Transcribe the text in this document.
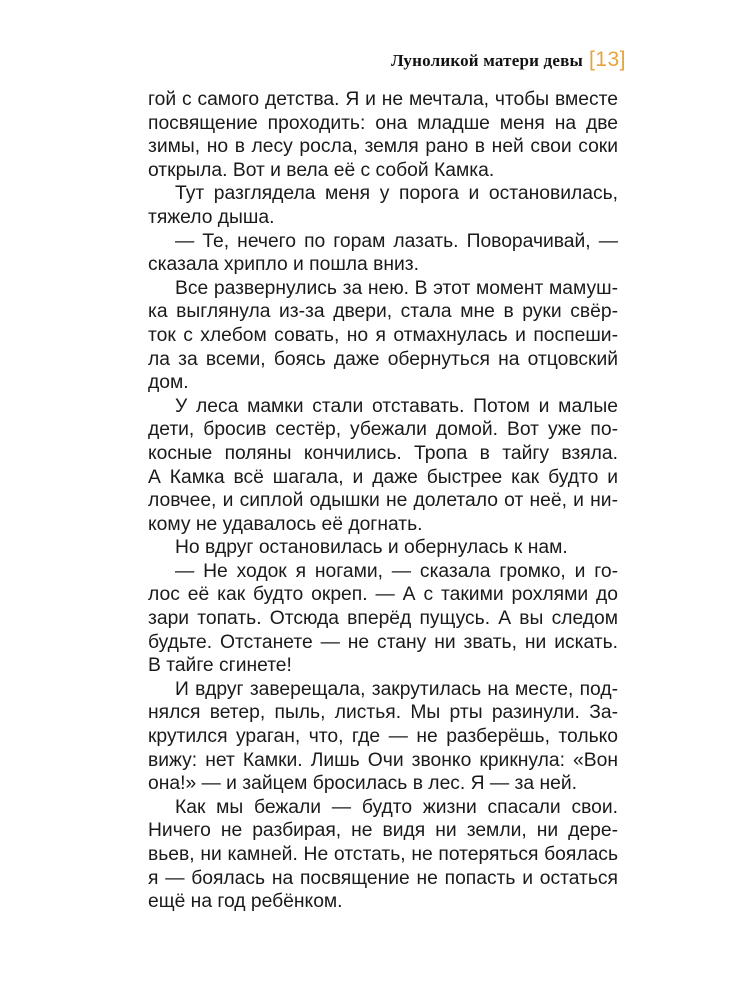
Луноликой матери девы [ 13 ]
гой с самого детства. Я и не мечтала, чтобы вместе
посвящение проходить: она младше меня на две
зимы, но в лесу росла, земля рано в ней свои соки
открыла. Вот и вела её с собой Камка.
Тут разглядела меня у порога и остановилась,
тяжело дыша.
— Те, нечего по горам лазать. Поворачивай, —
сказала хрипло и пошла вниз.
Все развернулись за нею. В этот момент мамуш-
ка выглянула из-за двери, стала мне в руки свёр-
ток с хлебом совать, но я отмахнулась и поспеши-
ла за всеми, боясь даже обернуться на отцовский
дом.
У леса мамки стали отставать. Потом и малые
дети, бросив сестёр, убежали домой. Вот уже по-
косные поляны кончились. Тропа в тайгу взяла.
А Камка всё шагала, и даже быстрее как будто и
ловчее, и сиплой одышки не долетало от неё, и ни-
кому не удавалось её догнать.
Но вдруг остановилась и обернулась к нам.
— Не ходок я ногами, — сказала громко, и го-
лос её как будто окреп. — А с такими рохлями до
зари топать. Отсюда вперёд пущусь. А вы следом
будьте. Отстанете — не стану ни звать, ни искать.
В тайге сгинете!
И вдруг заверещала, закрутилась на месте, под-
нялся ветер, пыль, листья. Мы рты разинули. За-
крутился ураган, что, где — не разберёшь, только
вижу: нет Камки. Лишь Очи звонко крикнула: «Вон
она!» — и зайцем бросилась в лес. Я — за ней.
Как мы бежали — будто жизни спасали свои.
Ничего не разбирая, не видя ни земли, ни дере-
вьев, ни камней. Не отстать, не потеряться боялась
я — боялась на посвящение не попасть и остаться
ещё на год ребёнком.
